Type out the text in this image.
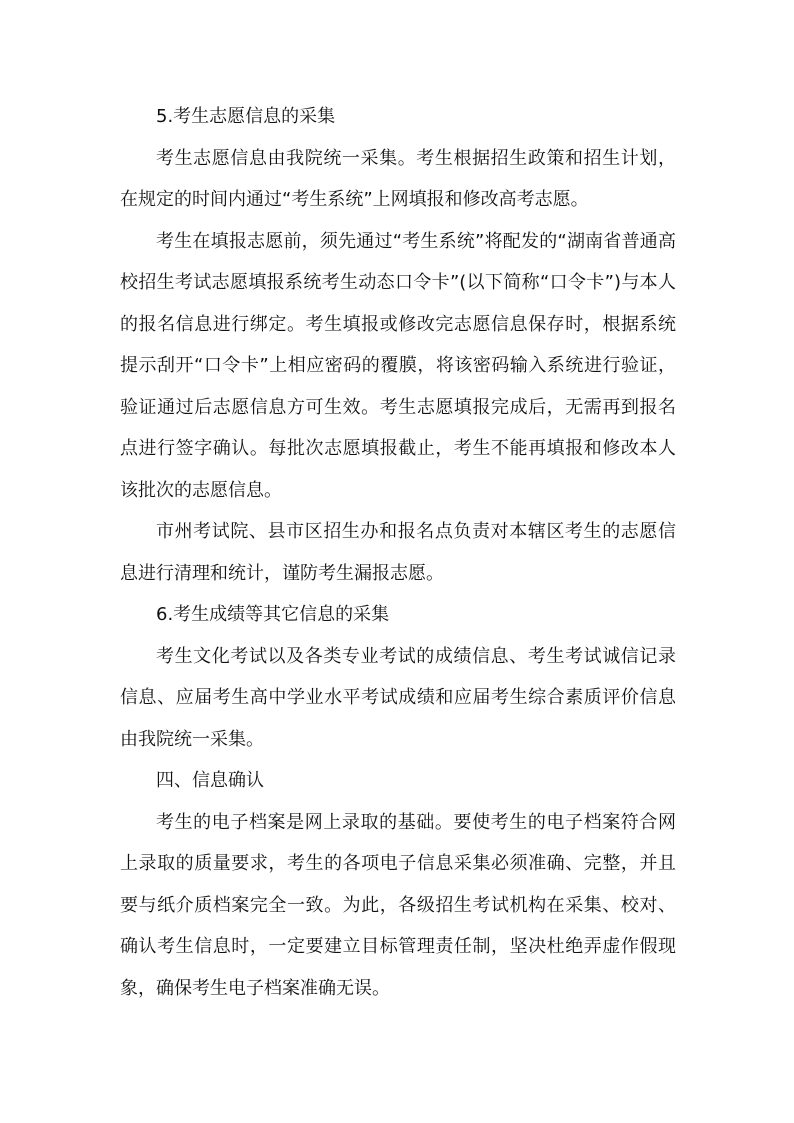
5.考生志愿信息的采集

考生志愿信息由我院统一采集。考生根据招生政策和招生计划，在规定的时间内通过“考生系统”上网填报和修改高考志愿。

考生在填报志愿前，须先通过“考生系统”将配发的“湖南省普通高校招生考试志愿填报系统考生动态口令卡”(以下简称“口令卡”)与本人的报名信息进行绑定。考生填报或修改完志愿信息保存时，根据系统提示刮开“口令卡”上相应密码的覆膜，将该密码输入系统进行验证，验证通过后志愿信息方可生效。考生志愿填报完成后，无需再到报名点进行签字确认。每批次志愿填报截止，考生不能再填报和修改本人该批次的志愿信息。

市州考试院、县市区招生办和报名点负责对本辖区考生的志愿信息进行清理和统计，谨防考生漏报志愿。

6.考生成绩等其它信息的采集

考生文化考试以及各类专业考试的成绩信息、考生考试诚信记录信息、应届考生高中学业水平考试成绩和应届考生综合素质评价信息由我院统一采集。

四、信息确认

考生的电子档案是网上录取的基础。要使考生的电子档案符合网上录取的质量要求，考生的各项电子信息采集必须准确、完整，并且要与纸介质档案完全一致。为此，各级招生考试机构在采集、校对、确认考生信息时，一定要建立目标管理责任制，坚决杜绝弄虚作假现象，确保考生电子档案准确无误。
